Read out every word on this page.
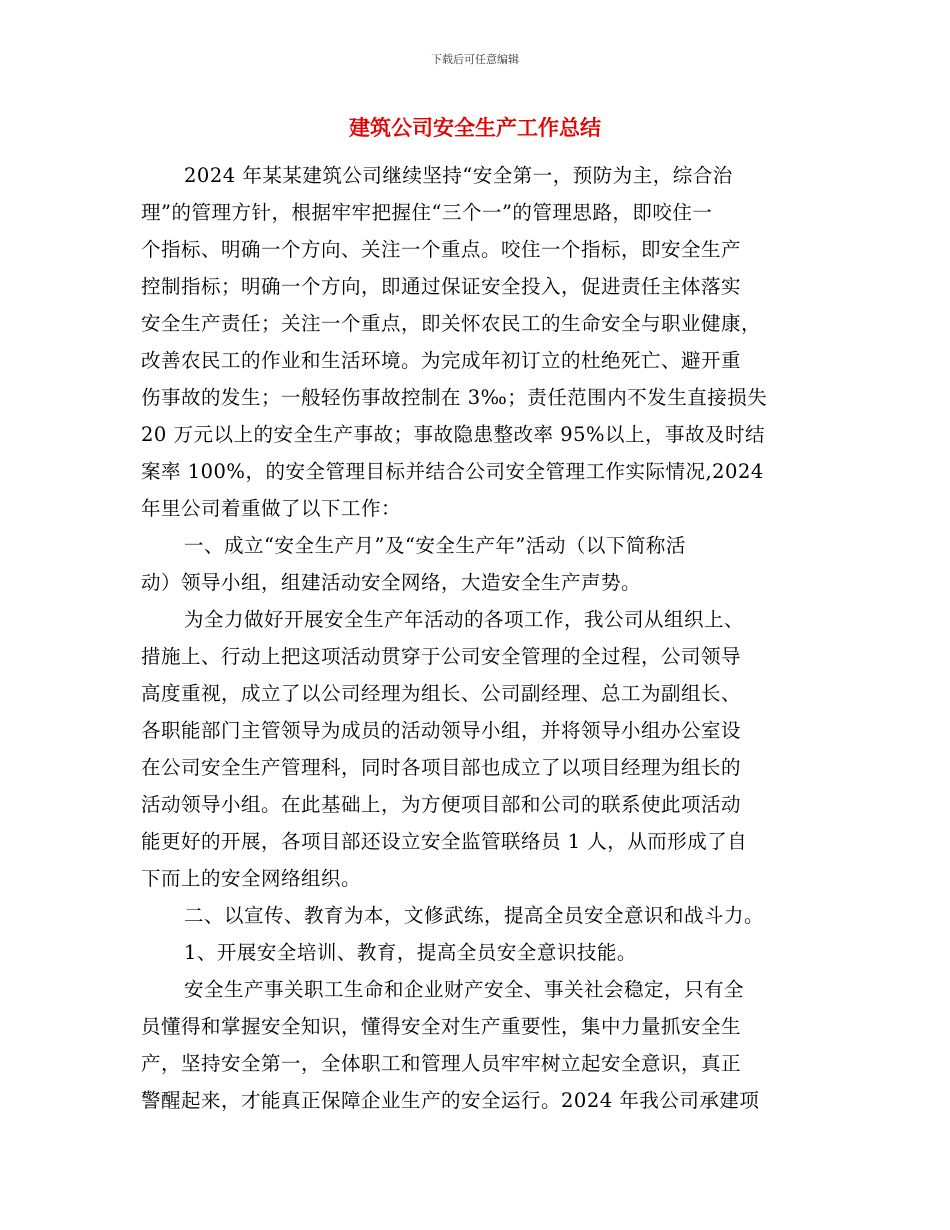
下载后可任意编辑
建筑公司安全生产工作总结
2024 年某某建筑公司继续坚持“安全第一，预防为主，综合治
理”的管理方针，根据牢牢把握住“三个一”的管理思路，即咬住一
个指标、明确一个方向、关注一个重点。咬住一个指标，即安全生产
控制指标；明确一个方向，即通过保证安全投入，促进责任主体落实
安全生产责任；关注一个重点，即关怀农民工的生命安全与职业健康，
改善农民工的作业和生活环境。为完成年初订立的杜绝死亡、避开重
伤事故的发生；一般轻伤事故控制在 3‰；责任范围内不发生直接损失
20 万元以上的安全生产事故；事故隐患整改率 95%以上，事故及时结
案率 100%，的安全管理目标并结合公司安全管理工作实际情况,2024
年里公司着重做了以下工作：
一、成立“安全生产月”及“安全生产年”活动（以下简称活
动）领导小组，组建活动安全网络，大造安全生产声势。
为全力做好开展安全生产年活动的各项工作，我公司从组织上、
措施上、行动上把这项活动贯穿于公司安全管理的全过程，公司领导
高度重视，成立了以公司经理为组长、公司副经理、总工为副组长、
各职能部门主管领导为成员的活动领导小组，并将领导小组办公室设
在公司安全生产管理科，同时各项目部也成立了以项目经理为组长的
活动领导小组。在此基础上，为方便项目部和公司的联系使此项活动
能更好的开展，各项目部还设立安全监管联络员 1 人，从而形成了自
下而上的安全网络组织。
二、以宣传、教育为本，文修武练，提高全员安全意识和战斗力。
1、开展安全培训、教育，提高全员安全意识技能。
安全生产事关职工生命和企业财产安全、事关社会稳定，只有全
员懂得和掌握安全知识，懂得安全对生产重要性，集中力量抓安全生
产，坚持安全第一，全体职工和管理人员牢牢树立起安全意识，真正
警醒起来，才能真正保障企业生产的安全运行。2024 年我公司承建项
